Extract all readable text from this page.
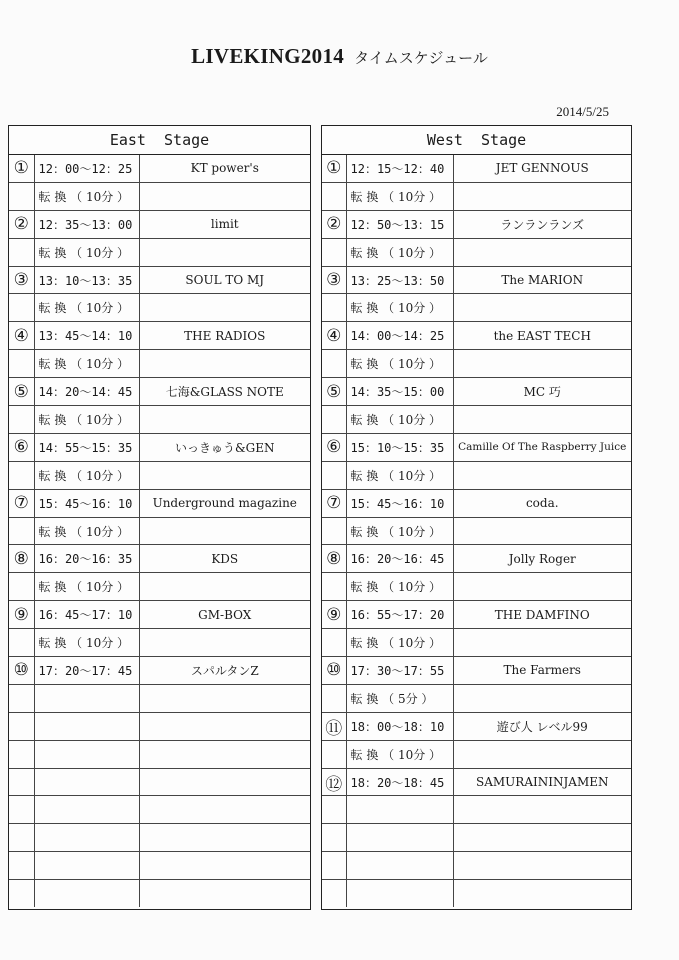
LIVEKING2014 タイムスケジュール
2014/5/25
East  Stage
①	12：00～12：25	KT power's
	転 換 （ 10分 ）	
②	12：35～13：00	limit
	転 換 （ 10分 ）	
③	13：10～13：35	SOUL TO MJ
	転 換 （ 10分 ）	
④	13：45～14：10	THE RADIOS
	転 換 （ 10分 ）	
⑤	14：20～14：45	七海&GLASS NOTE
	転 換 （ 10分 ）	
⑥	14：55～15：35	いっきゅう&GEN
	転 換 （ 10分 ）	
⑦	15：45～16：10	Underground magazine
	転 換 （ 10分 ）	
⑧	16：20～16：35	KDS
	転 換 （ 10分 ）	
⑨	16：45～17：10	GM-BOX
	転 換 （ 10分 ）	
⑩	17：20～17：45	スパルタンZ

West  Stage
①	12：15～12：40	JET GENNOUS
	転 換 （ 10分 ）	
②	12：50～13：15	ランランランズ
	転 換 （ 10分 ）	
③	13：25～13：50	The MARION
	転 換 （ 10分 ）	
④	14：00～14：25	the EAST TECH
	転 換 （ 10分 ）	
⑤	14：35～15：00	MC 巧
	転 換 （ 10分 ）	
⑥	15：10～15：35	Camille Of The Raspberry Juice
	転 換 （ 10分 ）	
⑦	15：45～16：10	coda.
	転 換 （ 10分 ）	
⑧	16：20～16：45	Jolly Roger
	転 換 （ 10分 ）	
⑨	16：55～17：20	THE DAMFINO
	転 換 （ 10分 ）	
⑩	17：30～17：55	The Farmers
	転 換 （ 5分 ）	
⑪	18：00～18：10	遊び人 レベル99
	転 換 （ 10分 ）	
⑫	18：20～18：45	SAMURAININJAMEN
